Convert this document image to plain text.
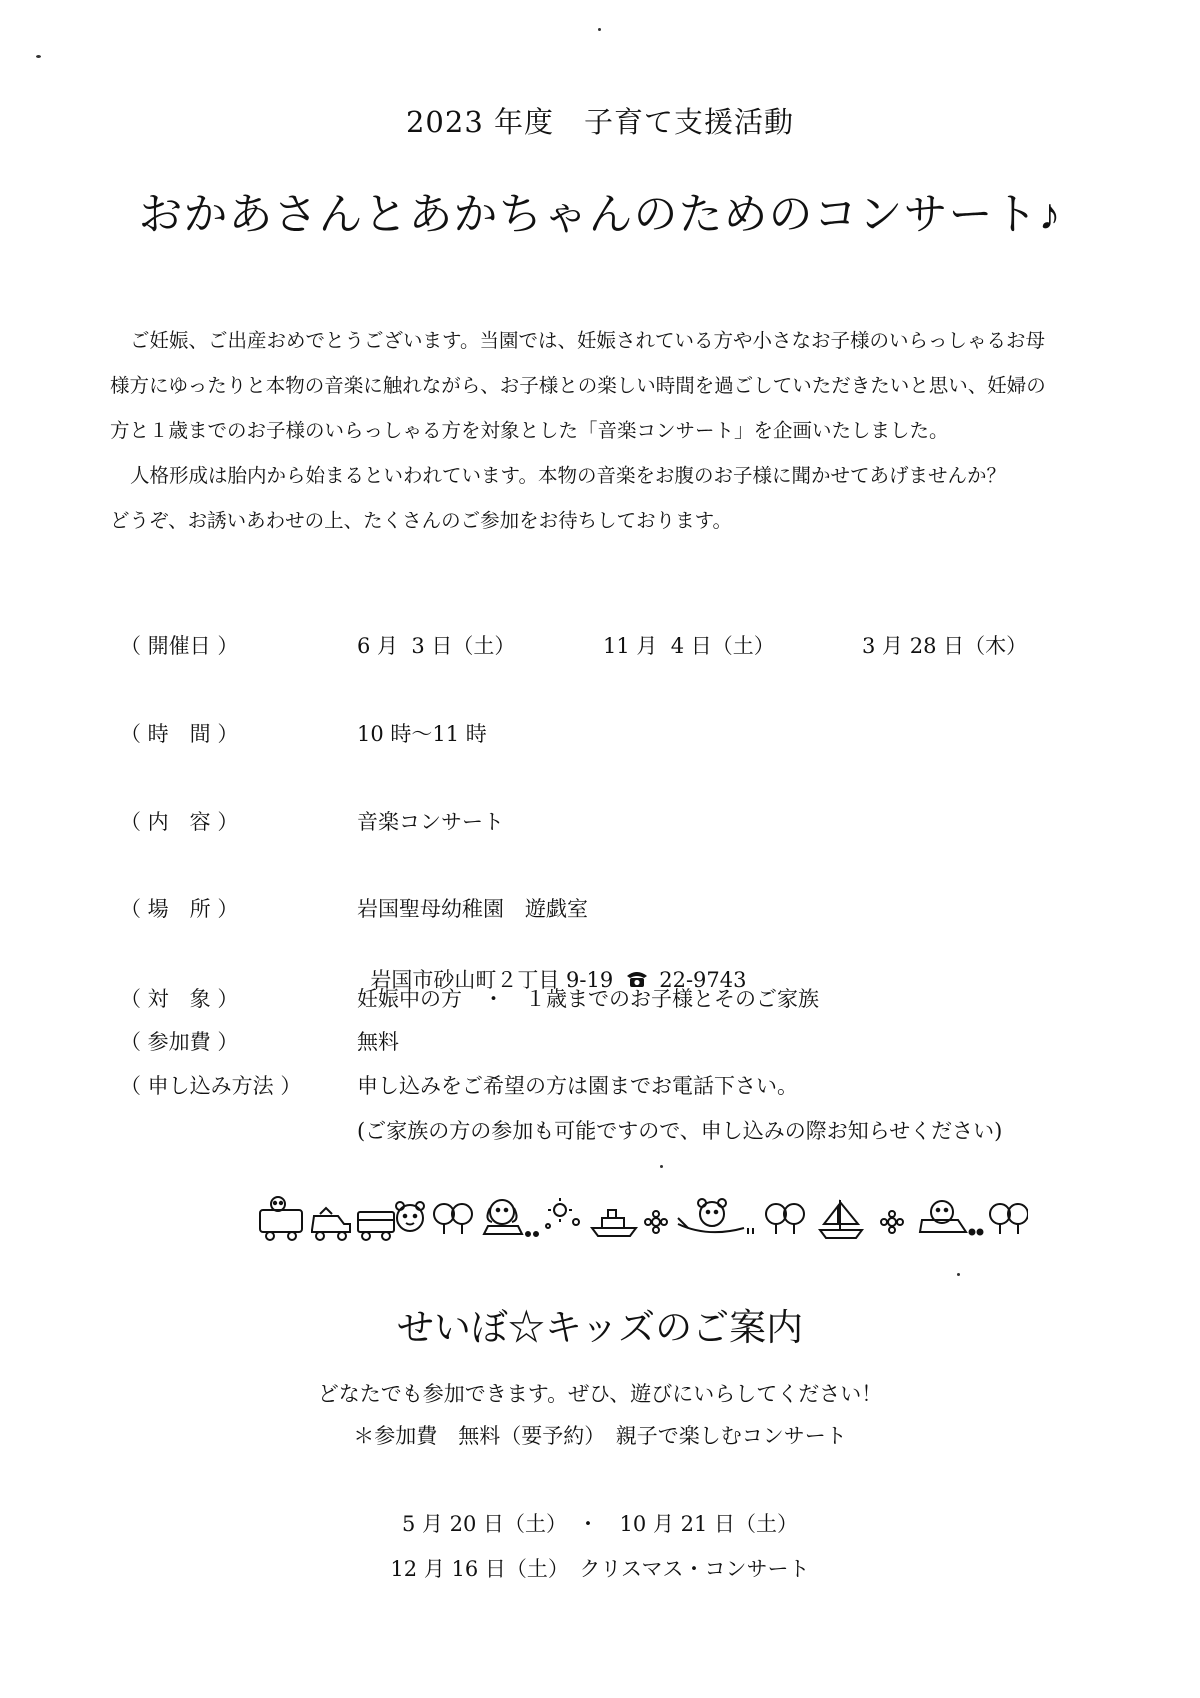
2023 年度　子育て支援活動
おかあさんとあかちゃんのためのコンサート♪

ご妊娠、ご出産おめでとうございます。当園では、妊娠されている方や小さなお子様のいらっしゃるお母

様方にゆったりと本物の音楽に触れながら、お子様との楽しい時間を過ごしていただきたいと思い、妊婦の

方と１歳までのお子様のいらっしゃる方を対象とした「音楽コンサート」を企画いたしました。

人格形成は胎内から始まるといわれています。本物の音楽をお腹のお子様に聞かせてあげませんか？

どうぞ、お誘いあわせの上、たくさんのご参加をお待ちしております。

（ 開催日 ）	6 月  3 日（土）	11 月  4 日（土）	3 月 28 日（木）
（ 時　間 ）	10 時～11 時
（ 内　容 ）	音楽コンサート
（ 場　所 ）	岩国聖母幼稚園　遊戯室

岩国市砂山町２丁目 9-19 22-9743

（ 対　象 ）	妊娠中の方　・　１歳までのお子様とそのご家族
（ 参加費 ）	無料
（ 申し込み方法 ）	申し込みをご希望の方は園までお電話下さい。
(ご家族の方の参加も可能ですので、申し込みの際お知らせください)
せいぼ☆キッズのご案内
どなたでも参加できます。ぜひ、遊びにいらしてください！
＊参加費　無料（要予約）　親子で楽しむコンサート
5 月 20 日（土）　・　10 月 21 日（土）
12 月 16 日（土）　クリスマス・コンサート
